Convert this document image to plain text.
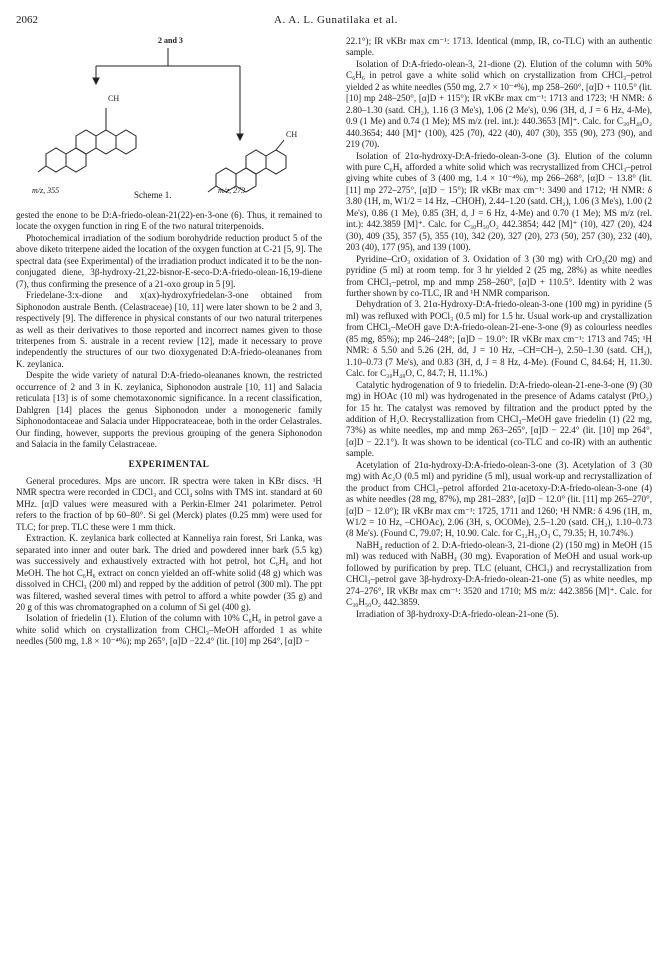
2062	A. A. L. Gunatilaka et al.
2 and 3
CH
CH
m/z, 355	Scheme 1.	m/z, 273

gested the enone to be D:A-friedo-olean-21(22)-en-3-one (6). Thus, it remained to locate the oxygen function in ring E of the two natural triterpenoids.

Photochemical irradiation of the sodium borohydride reduction product 5 of the above diketo triterpene aided the location of the oxygen function at C-21 [5, 9]. The spectral data (see Experimental) of the irradiation product indicated it to be the non-conjugated diene, 3β-hydroxy-21,22-bisnor-E-seco-D:A-friedo-olean-16,19-diene (7), thus confirming the presence of a 21-oxo group in 5 [9].

Friedelane-3:x-dione and x(ax)-hydroxyfriedelan-3-one obtained from Siphonodon australe Benth. (Celastraceae) [10, 11] were later shown to be 2 and 3, respectively [9]. The difference in physical constants of our two natural triterpenes as well as their derivatives to those reported and incorrect names given to those triterpenes from S. australe in a recent review [12], made it necessary to prove independently the structures of our two dioxygenated D:A-friedo-oleananes from K. zeylanica.

Despite the wide variety of natural D:A-friedo-oleananes known, the restricted occurrence of 2 and 3 in K. zeylanica, Siphonodon australe [10, 11] and Salacia reticulata [13] is of some chemotaxonomic significance. In a recent classification, Dahlgren [14] places the genus Siphonodon under a monogeneric family Siphonodontaceae and Salacia under Hippocrateaceae, both in the order Celastrales. Our finding, however, supports the previous grouping of the genera Siphonodon and Salacia in the family Celastraceae.

EXPERIMENTAL

General procedures. Mps are uncorr. IR spectra were taken in KBr discs. ¹H NMR spectra were recorded in CDCl₃ and CCl₄ solns with TMS int. standard at 60 MHz. [α]D values were measured with a Perkin-Elmer 241 polarimeter. Petrol refers to the fraction of bp 60–80°. Si gel (Merck) plates (0.25 mm) were used for TLC; for prep. TLC these were 1 mm thick.

Extraction. K. zeylanica bark collected at Kanneliya rain forest, Sri Lanka, was separated into inner and outer bark. The dried and powdered inner bark (5.5 kg) was successively and exhaustively extracted with hot petrol, hot C₆H₆ and hot MeOH. The hot C₆H₆ extract on concn yielded an off-white solid (48 g) which was dissolved in CHCl₃ (200 ml) and repped by the addition of petrol (300 ml). The ppt was filtered, washed several times with petrol to afford a white powder (35 g) and 20 g of this was chromatographed on a column of Si gel (400 g).

Isolation of friedelin (1). Elution of the column with 10% C₆H₆ in petrol gave a white solid which on crystallization from CHCl₃–MeOH afforded 1 as white needles (500 mg, 1.8 × 10⁻⁴%); mp 265°, [α]D −22.4° (lit. [10] mp 264°, [α]D −

22.1°); IR νKBr max cm⁻¹: 1713. Identical (mmp, IR, co-TLC) with an authentic sample.

Isolation of D:A-friedo-olean-3, 21-dione (2). Elution of the column with 50% C₆H₆ in petrol gave a white solid which on crystallization from CHCl₃–petrol yielded 2 as white needles (550 mg, 2.7 × 10⁻⁴%), mp 258–260°, [α]D + 110.5° (lit. [10] mp 248–250°, [α]D + 115°); IR νKBr max cm⁻¹: 1713 and 1723; ¹H NMR: δ 2.80–1.30 (satd. CH₂), 1.16 (3 Me's), 1.06 (2 Me's), 0.96 (3H, d, J = 6 Hz, 4-Me), 0.9 (1 Me) and 0.74 (1 Me); MS m/z (rel. int.): 440.3653 [M]⁺. Calc. for C₃₀H₄₈O₂ 440.3654; 440 [M]⁺ (100), 425 (70), 422 (40), 407 (30), 355 (90), 273 (90), and 219 (70).

Isolation of 21α-hydroxy-D:A-friedo-olean-3-one (3). Elution of the column with pure C₆H₆ afforded a white solid which was recrystallized from CHCl₃–petrol giving white cubes of 3 (400 mg, 1.4 × 10⁻⁴%), mp 266–268°, [α]D − 13.8° (lit. [11] mp 272–275°, [α]D − 15°); IR νKBr max cm⁻¹: 3490 and 1712; ¹H NMR: δ 3.80 (1H, m, W1/2 = 14 Hz, –CHOH), 2.44–1.20 (satd. CH₂), 1.06 (3 Me's), 1.00 (2 Me's), 0.86 (1 Me), 0.85 (3H, d, J = 6 Hz, 4-Me) and 0.70 (1 Me); MS m/z (rel. int.): 442.3859 [M]⁺. Calc. for C₃₀H₅₀O₂ 442.3854; 442 [M]⁺ (10), 427 (20), 424 (30), 409 (35), 357 (5), 355 (10), 342 (20), 327 (20), 273 (50), 257 (30), 232 (40), 203 (40), 177 (95), and 139 (100).

Pyridine–CrO₃ oxidation of 3. Oxidation of 3 (30 mg) with CrO₃(20 mg) and pyridine (5 ml) at room temp. for 3 hr yielded 2 (25 mg, 28%) as white needles from CHCl₃–petrol, mp and mmp 258–260°, [α]D + 110.5°. Identity with 2 was further shown by co-TLC, IR and ¹H NMR comparison.

Dehydration of 3. 21α-Hydroxy-D:A-friedo-olean-3-one (100 mg) in pyridine (5 ml) was refluxed with POCl₃ (0.5 ml) for 1.5 hr. Usual work-up and crystallization from CHCl₃–MeOH gave D:A-friedo-olean-21-ene-3-one (9) as colourless needles (85 mg, 85%); mp 246–248°; [α]D − 19.0°: IR νKBr max cm⁻¹: 1713 and 745; ¹H NMR: δ 5.50 and 5.26 (2H, dd, J = 10 Hz, –CH=CH–), 2.50–1.30 (satd. CH₂), 1.10–0.73 (7 Me's), and 0.83 (3H, d, J = 8 Hz, 4-Me). (Found C, 84.64; H, 11.30. Calc. for C₃₀H₄₈O, C, 84.7; H, 11.1%.)

Catalytic hydrogenation of 9 to friedelin. D:A-friedo-olean-21-ene-3-one (9) (30 mg) in HOAc (10 ml) was hydrogenated in the presence of Adams catalyst (PtO₂) for 15 hr. The catalyst was removed by filtration and the product ppted by the addition of H₂O. Recrystallization from CHCl₃–MeOH gave friedelin (1) (22 mg, 73%) as white needles, mp and mmp 263–265°, [α]D − 22.4° (lit. [10] mp 264°, [α]D − 22.1°). It was shown to be identical (co-TLC and co-IR) with an authentic sample.

Acetylation of 21α-hydroxy-D:A-friedo-olean-3-one (3). Acetylation of 3 (30 mg) with Ac₂O (0.5 ml) and pyridine (5 ml), usual work-up and recrystallization of the product from CHCl₃–petrol afforded 21α-acetoxy-D:A-friedo-olean-3-one (4) as white needles (28 mg, 87%), mp 281–283°, [α]D − 12.0° (lit. [11] mp 265–270°, [α]D − 12.0°); IR νKBr max cm⁻¹: 1725, 1711 and 1260; ¹H NMR: δ 4.96 (1H, m, W1/2 = 10 Hz, –CHOAc), 2.06 (3H, s, OCOMe), 2.5–1.20 (satd. CH₂), 1.10–0.73 (8 Me's). (Found C, 79.07; H, 10.90. Calc. for C₃₂H₅₂O₃ C, 79.35; H, 10.74%.)

NaBH₄ reduction of 2. D:A-friedo-olean-3, 21-dione (2) (150 mg) in MeOH (15 ml) was reduced with NaBH₄ (30 mg). Evaporation of MeOH and usual work-up followed by purification by prep. TLC (eluant, CHCl₃) and recrystallization from CHCl₃–petrol gave 3β-hydroxy-D:A-friedo-olean-21-one (5) as white needles, mp 274–276°, IR νKBr max cm⁻¹: 3520 and 1710; MS m/z: 442.3856 [M]⁺. Calc. for C₃₀H₅₀O₂ 442.3859.

Irradiation of 3β-hydroxy-D:A-friedo-olean-21-one (5).
